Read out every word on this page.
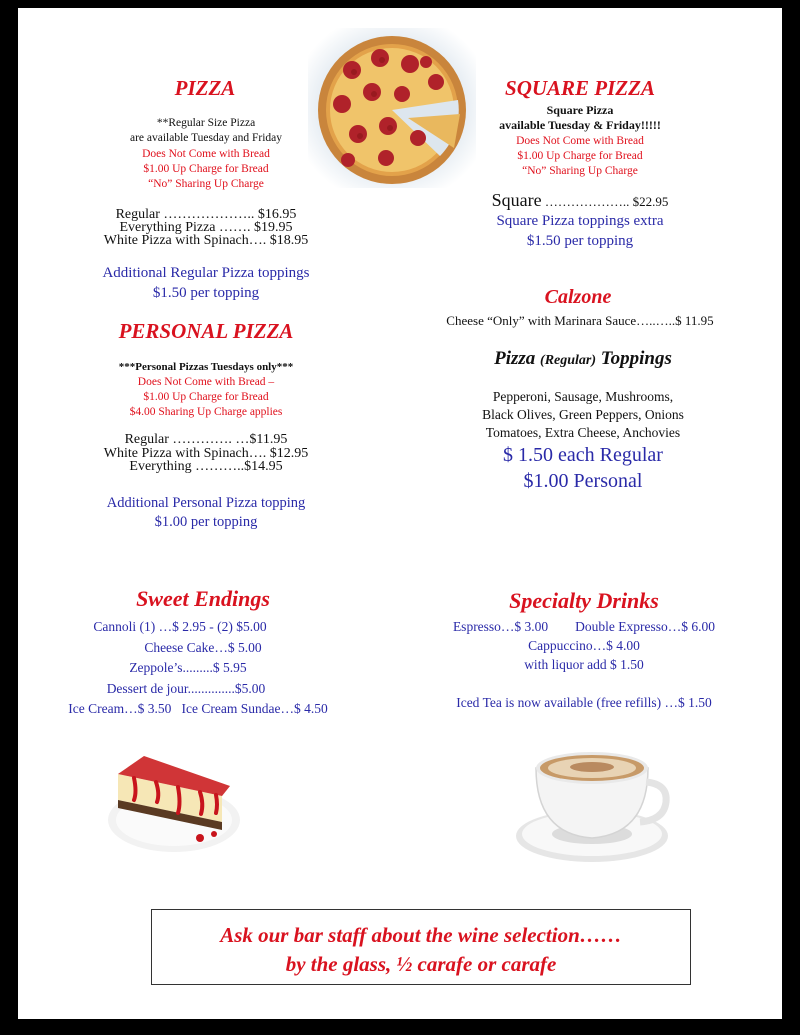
PIZZA
**Regular Size Pizza
are available Tuesday and Friday
Does Not Come with Bread
$1.00 Up Charge for Bread
“No” Sharing Up Charge
Regular ……………….. $16.95
Everything Pizza ……. $19.95
White Pizza with Spinach…. $18.95
Additional Regular Pizza toppings
$1.50 per topping
PERSONAL PIZZA
***Personal Pizzas Tuesdays only***
Does Not Come with Bread –
$1.00 Up Charge for Bread
$4.00 Sharing Up Charge applies
Regular …………. …$11.95
White Pizza with Spinach…. $12.95
Everything ………..$14.95
Additional Personal Pizza topping
$1.00 per topping
SQUARE PIZZA
Square Pizza
available Tuesday & Friday!!!!!
Does Not Come with Bread
$1.00 Up Charge for Bread
“No” Sharing Up Charge
Square ……………….. $22.95
Square Pizza toppings extra
$1.50 per topping
Calzone
Cheese “Only” with Marinara Sauce…..…..$ 11.95
Pizza (Regular) Toppings
Pepperoni, Sausage, Mushrooms,
Black Olives, Green Peppers, Onions
Tomatoes, Extra Cheese, Anchovies
$ 1.50 each Regular
$1.00 Personal
Sweet Endings
Cannoli (1) …$ 2.95 - (2) $5.00
Cheese Cake…$ 5.00
Zeppole’s.........$ 5.95
Dessert de jour..............$5.00
Ice Cream…$ 3.50   Ice Cream Sundae…$ 4.50
Specialty Drinks
Espresso…$ 3.00        Double Expresso…$ 6.00
Cappuccino…$ 4.00
with liquor add $ 1.50
Iced Tea is now available (free refills) …$ 1.50
Ask our bar staff about the wine selection……
by the glass, ½ carafe or carafe
